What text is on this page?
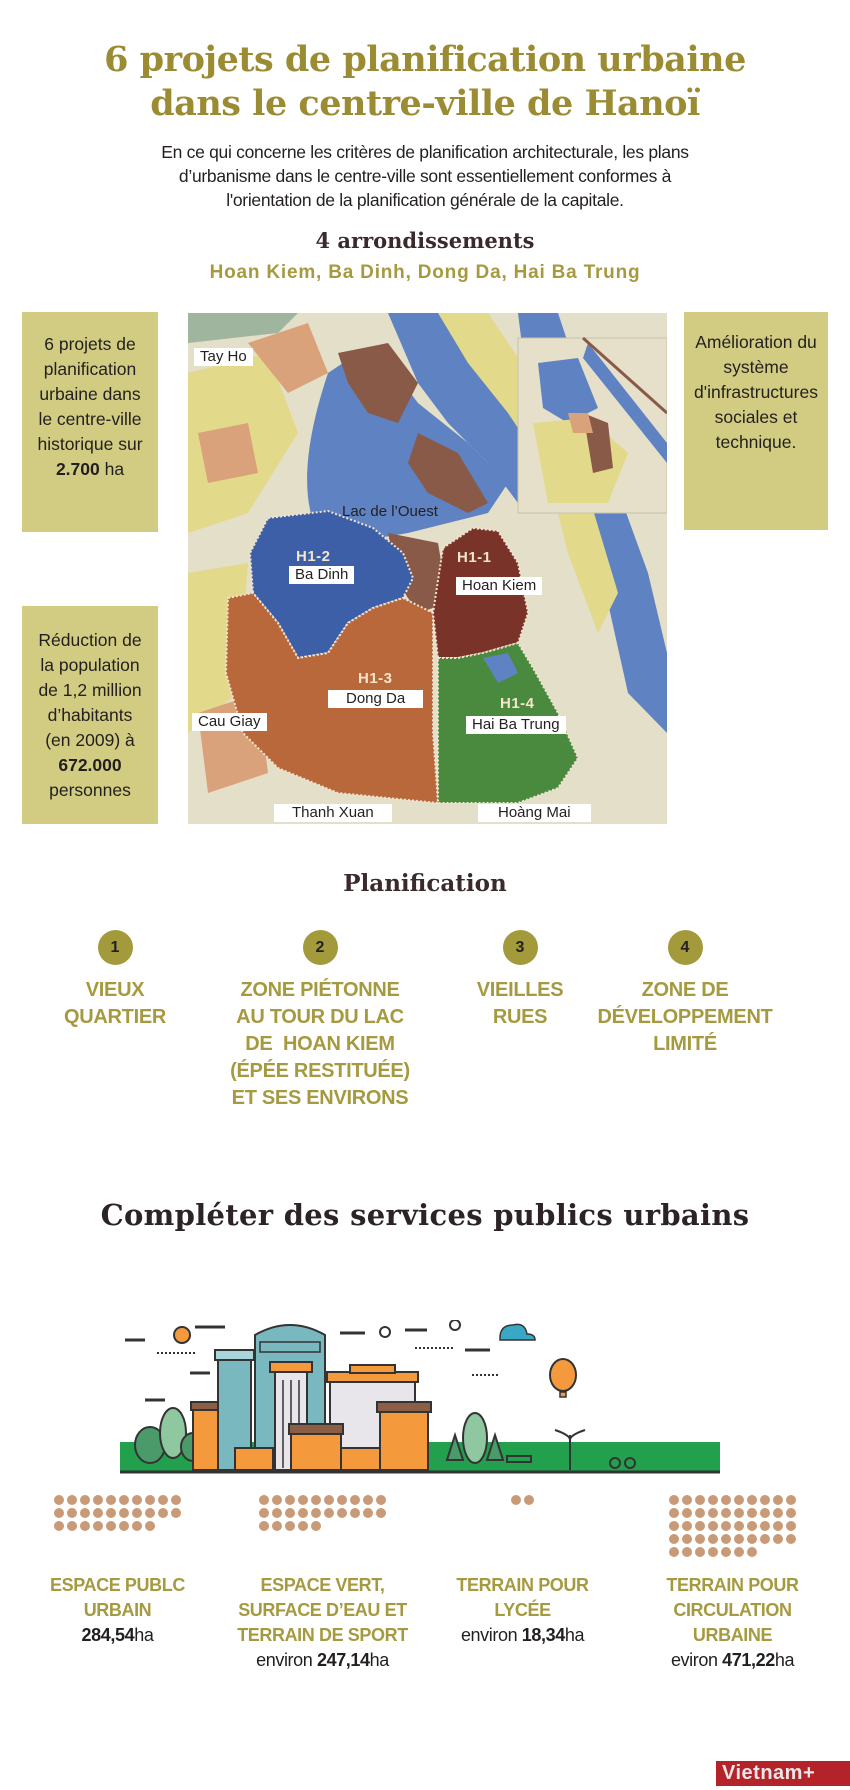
6 projets de planification urbaine
dans le centre-ville de Hanoï
En ce qui concerne les critères de planification architecturale, les plans
d’urbanisme dans le centre-ville sont essentiellement conformes à
l'orientation de la planification générale de la capitale.
4 arrondissements
Hoan Kiem, Ba Dinh, Dong Da, Hai Ba Trung
6 projets de
planification
urbaine dans
le centre-ville
historique sur
2.700 ha
Réduction de
la population
de 1,2 million
d’habitants
(en 2009) à
672.000
personnes
Amélioration du
système
d'infrastructures
sociales et
technique.
Tay Ho
Lac de l’Ouest
H1-2
Ba Dinh
H1-1
Hoan Kiem
H1-3
Dong Da	H1-4
Hai Ba Trung
Cau Giay
Thanh Xuan	Hoàng Mai
Planification
1
VIEUX
QUARTIER
2
ZONE PIÉTONNE
AU TOUR DU LAC
DE  HOAN KIEM
(ÉPÉE RESTITUÉE)
ET SES ENVIRONS
3
VIEILLES
RUES
4
ZONE DE
DÉVELOPPEMENT
LIMITÉ
Compléter des services publics urbains
ESPACE PUBLC
URBAIN
284,54ha
ESPACE VERT,
SURFACE D’EAU ET
TERRAIN DE SPORT
environ 247,14ha
TERRAIN POUR
LYCÉE
environ 18,34ha
TERRAIN POUR
CIRCULATION
URBAINE
eviron 471,22ha
Vietnam+
